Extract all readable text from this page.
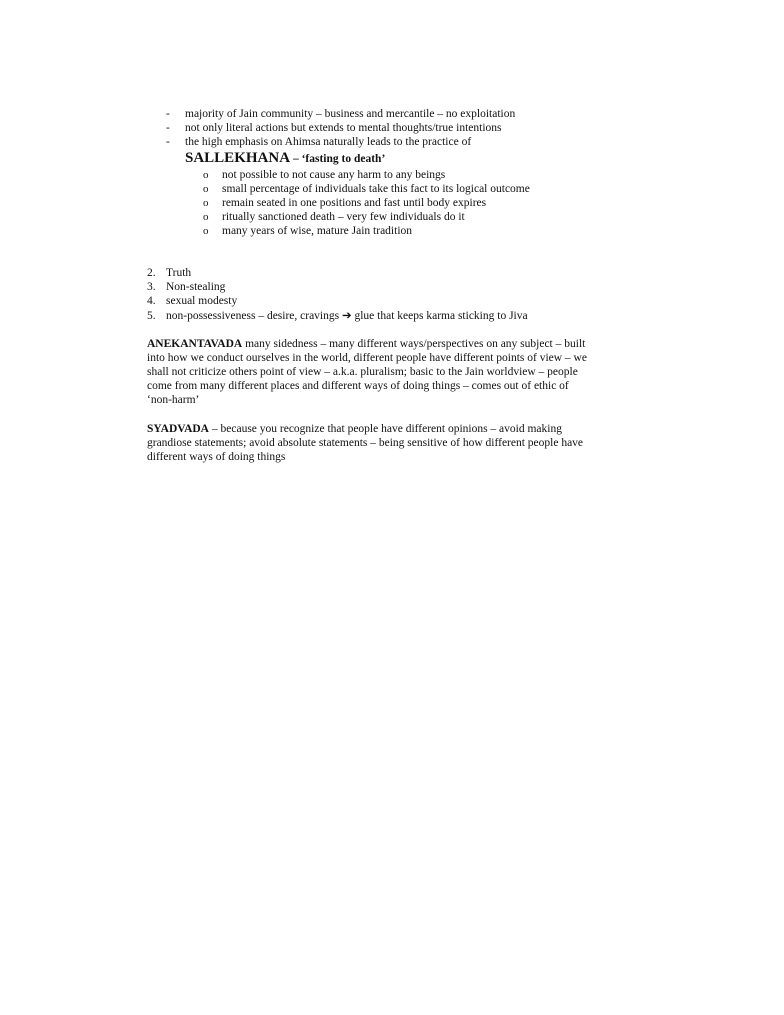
- majority of Jain community – business and mercantile – no exploitation
- not only literal actions but extends to mental thoughts/true intentions
- the high emphasis on Ahimsa naturally leads to the practice of
SALLEKHANA – ‘fasting to death’
o not possible to not cause any harm to any beings
o small percentage of individuals take this fact to its logical outcome
o remain seated in one positions and fast until body expires
o ritually sanctioned death – very few individuals do it
o many years of wise, mature Jain tradition
2. Truth
3. Non-stealing
4. sexual modesty
5. non-possessiveness – desire, cravings ➔ glue that keeps karma sticking to Jiva
ANEKANTAVADA many sidedness – many different ways/perspectives on any subject – built into how we conduct ourselves in the world, different people have different points of view – we shall not criticize others point of view – a.k.a. pluralism; basic to the Jain worldview – people come from many different places and different ways of doing things – comes out of ethic of ‘non-harm’
SYADVADA – because you recognize that people have different opinions – avoid making grandiose statements; avoid absolute statements – being sensitive of how different people have different ways of doing things
